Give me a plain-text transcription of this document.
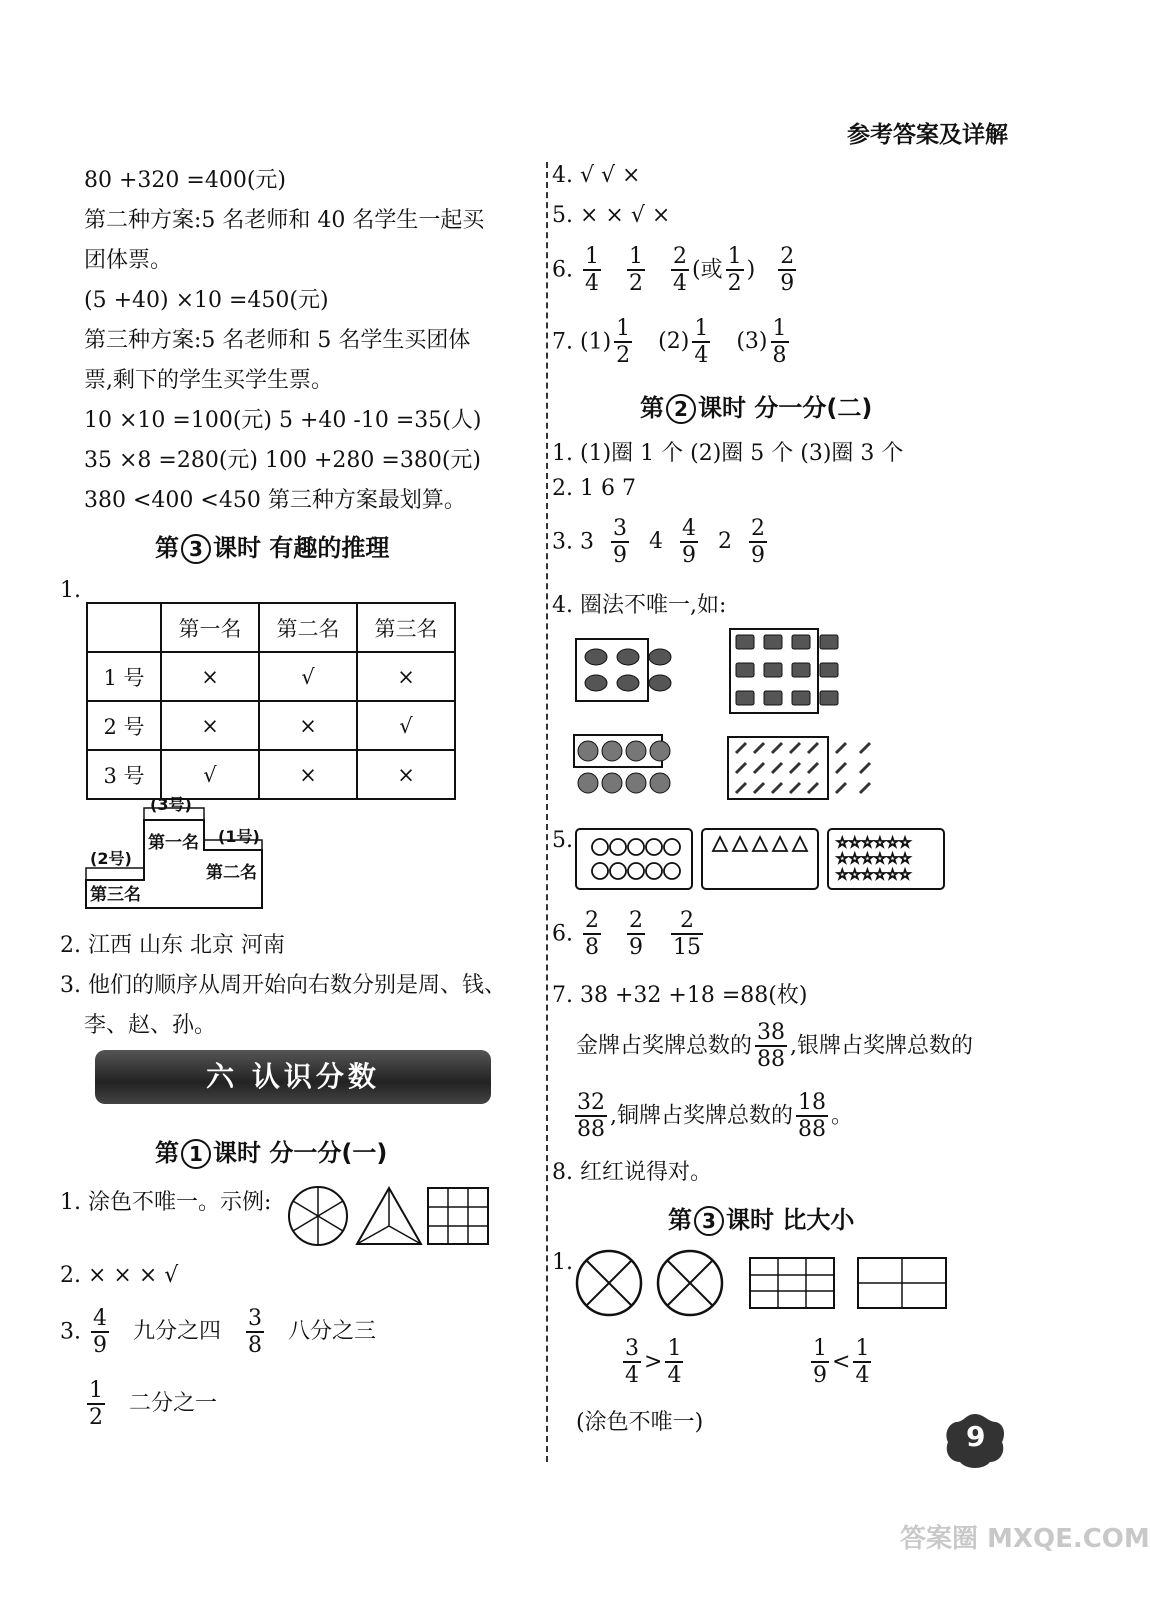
参考答案及详解
80 +320 =400(元)
第二种方案:5 名老师和 40 名学生一起买
团体票。
(5 +40) ×10 =450(元)
第三种方案:5 名老师和 5 名学生买团体
票,剩下的学生买学生票。
10 ×10 =100(元) 5 +40 -10 =35(人)
35 ×8 =280(元) 100 +280 =380(元)
380 <400 <450 第三种方案最划算。
第 3 课时 有趣的推理
1.
	第一名	第二名	第三名
1 号	×	√	×
2 号	×	×	√
3 号	√	×	×
(3号)
第一名 (1号)
第二名
(2号)
第三名
2. 江西 山东 北京 河南
3. 他们的顺序从周开始向右数分别是周、钱、
李、赵、孙。
六 认识分数
第 1 课时 分一分(一)
1. 涂色不唯一。示例:
2. × × × √
3. $\frac{4}{9}$ 九分之四 $\frac{3}{8}$ 八分之三
$\frac{1}{2}$ 二分之一
4. √ √ ×
5. × × √ ×
6. $\frac{1}{4}$
$\frac{1}{2}$
$\frac{2}{4}$ (或 $\frac{1}{2}$ ) $\frac{2}{9}$
7. $(1) \frac{1}{2} (2) \frac{1}{4} (3) \frac{1}{8}$
第 2 课时 分一分(二)
1. (1)圈 1 个 (2)圈 5 个 (3)圈 3 个
2. 1 6 7
3. $3 \frac{3}{9} 4 \frac{4}{9} 2 \frac{2}{9}$
4. 圈法不唯一,如:
5.	☆☆☆☆☆☆
☆☆☆☆☆☆
☆☆☆☆☆☆
6. $\frac{2}{8}$
$\frac{2}{9}$
$\frac{2}{15}$
7. 38 +32 +18 =88(枚)
金牌占奖牌总数的 $\frac{38}{88}$ ,银牌占奖牌总数的
$\frac{32}{88}$ ,铜牌占奖牌总数的 $\frac{18}{88}$ 。
8. 红红说得对。
第 3 课时 比大小
1.
$\frac{3}{4} > \frac{1}{4}$	$\frac{1}{9} < \frac{1}{4}$
(涂色不唯一)	9
答案圈 MXQE.COM
